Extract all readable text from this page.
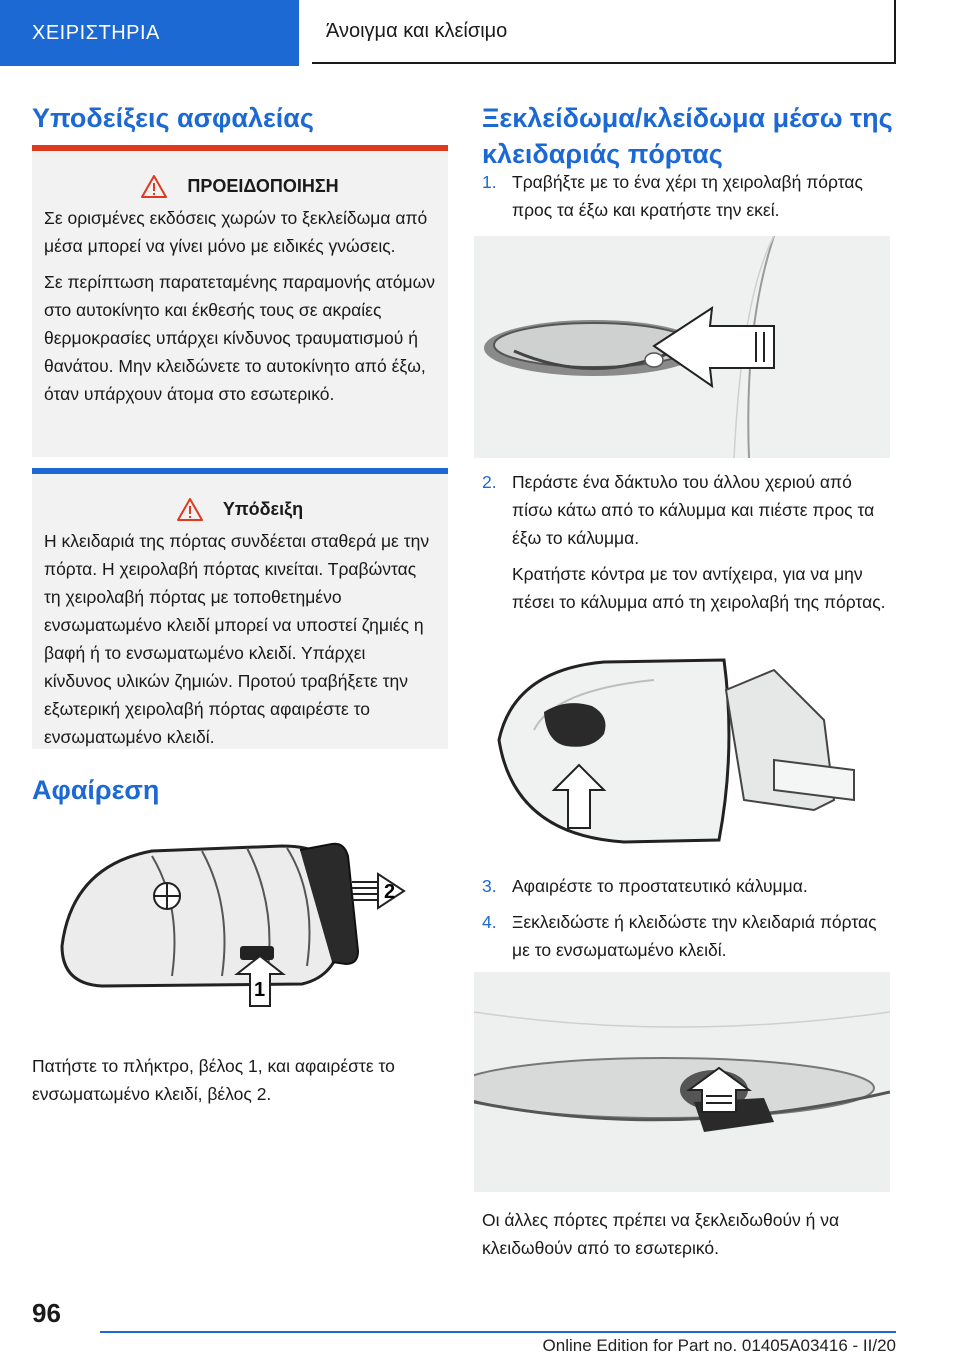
ΧΕΙΡΙΣΤΗΡΙΑ	Άνοιγμα και κλείσιμο
Υποδείξεις ασφαλείας
ΠΡΟΕΙΔΟΠΟΙΗΣΗ

Σε ορισμένες εκδόσεις χωρών το ξεκλείδωμα από μέσα μπορεί να γίνει μόνο με ειδικές γνώσεις.

Σε περίπτωση παρατεταμένης παραμονής ατόμων στο αυτοκίνητο και έκθεσής τους σε ακραίες θερμοκρασίες υπάρχει κίνδυνος τραυματισμού ή θανάτου. Μην κλειδώνετε το αυτοκίνητο από έξω, όταν υπάρχουν άτομα στο εσωτερικό.

Υπόδειξη

Η κλειδαριά της πόρτας συνδέεται σταθερά με την πόρτα. Η χειρολαβή πόρτας κινείται. Τραβώντας τη χειρολαβή πόρτας με τοποθετημένο ενσωματωμένο κλειδί μπορεί να υποστεί ζημιές η βαφή ή το ενσωματωμένο κλειδί. Υπάρχει κίνδυνος υλικών ζημιών. Προτού τραβήξετε την εξωτερική χειρολαβή πόρτας αφαιρέστε το ενσωματωμένο κλειδί.

Αφαίρεση
1
2

Πατήστε το πλήκτρο, βέλος 1, και αφαιρέστε το ενσωματωμένο κλειδί, βέλος 2.

Ξεκλείδωμα/κλείδωμα μέσω της κλειδαριάς πόρτας
1. Τραβήξτε με το ένα χέρι τη χειρολαβή πόρτας προς τα έξω και κρατήστε την εκεί.

2. Περάστε ένα δάκτυλο του άλλου χεριού από πίσω κάτω από το κάλυμμα και πιέστε προς τα έξω το κάλυμμα.

Κρατήστε κόντρα με τον αντίχειρα, για να μην πέσει το κάλυμμα από τη χειρολαβή της πόρτας.

3. Αφαιρέστε το προστατευτικό κάλυμμα.

4. Ξεκλειδώστε ή κλειδώστε την κλειδαριά πόρτας με το ενσωματωμένο κλειδί.

Οι άλλες πόρτες πρέπει να ξεκλειδωθούν ή να κλειδωθούν από το εσωτερικό.

96
Online Edition for Part no. 01405A03416 - II/20
